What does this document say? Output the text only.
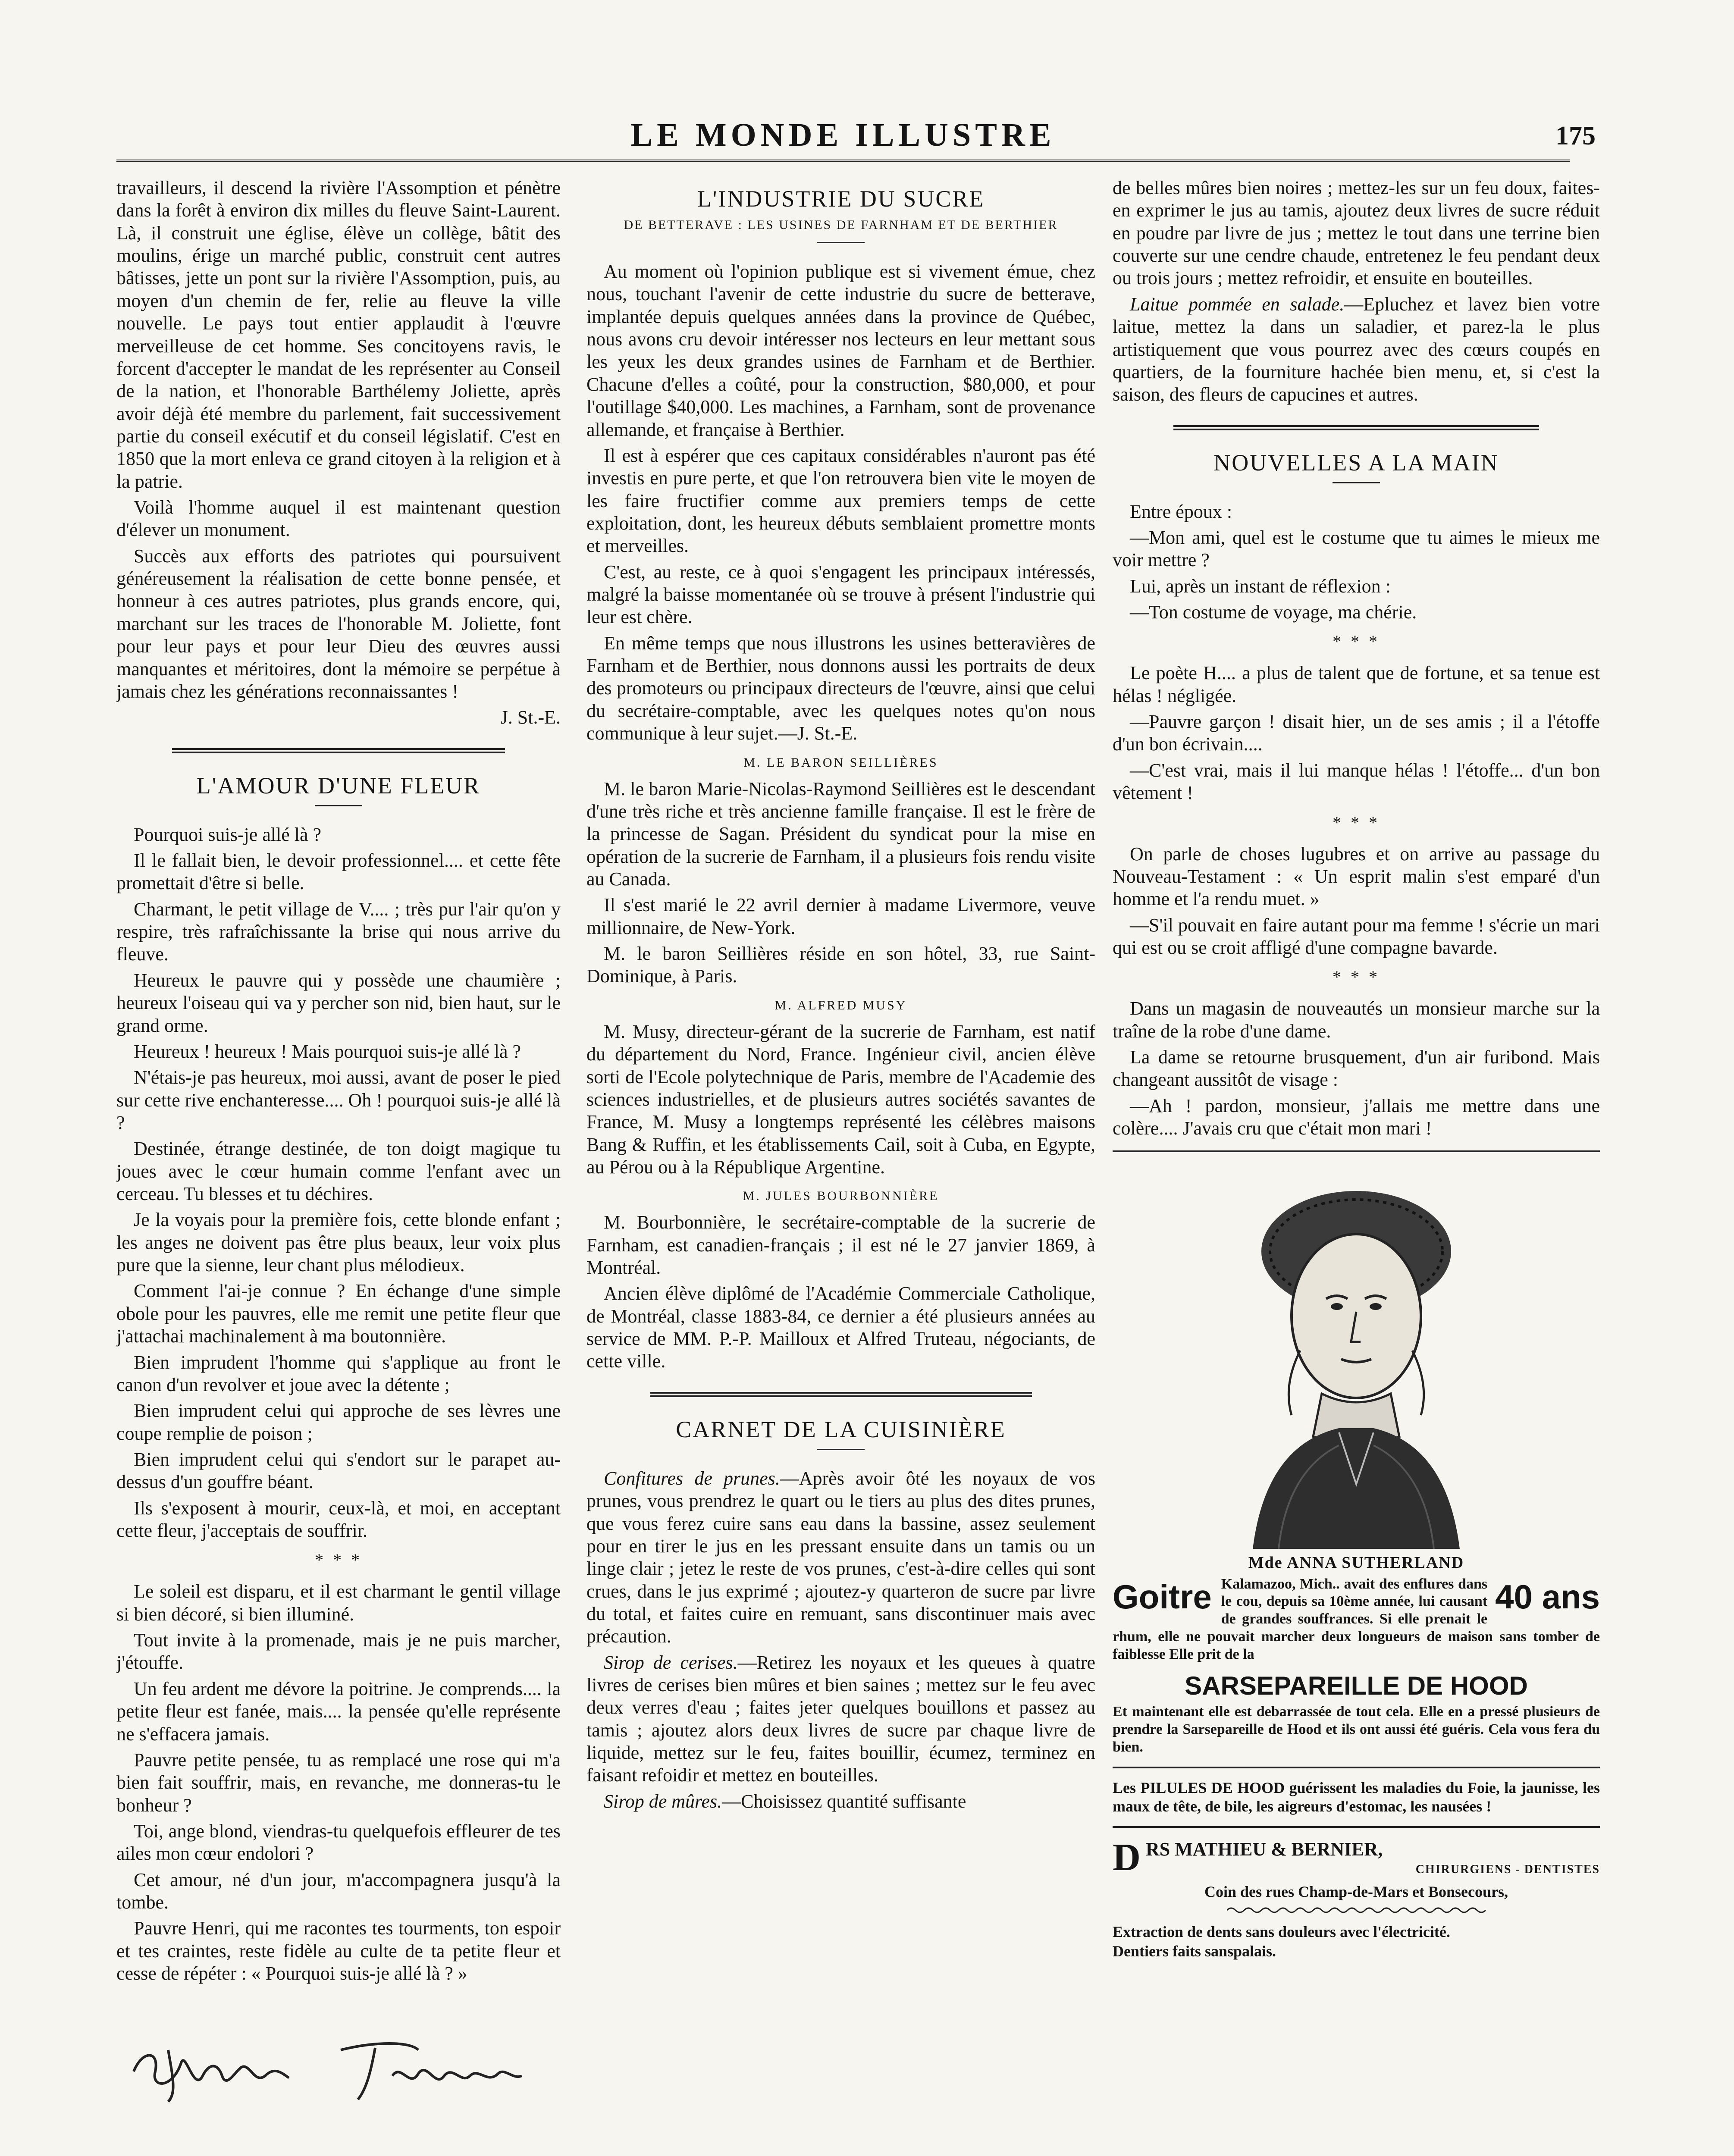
LE MONDE ILLUSTRE	175

travailleurs, il descend la rivière l'Assomption et pénètre dans la forêt à environ dix milles du fleuve Saint-Laurent. Là, il construit une église, élève un collège, bâtit des moulins, érige un marché public, construit cent autres bâtisses, jette un pont sur la rivière l'Assomption, puis, au moyen d'un chemin de fer, relie au fleuve la ville nouvelle. Le pays tout entier applaudit à l'œuvre merveilleuse de cet homme. Ses concitoyens ravis, le forcent d'accepter le mandat de les représenter au Conseil de la nation, et l'honorable Barthélemy Joliette, après avoir déjà été membre du parlement, fait successivement partie du conseil exécutif et du conseil législatif. C'est en 1850 que la mort enleva ce grand citoyen à la religion et à la patrie.

Voilà l'homme auquel il est maintenant question d'élever un monument.

Succès aux efforts des patriotes qui poursuivent généreusement la réalisation de cette bonne pensée, et honneur à ces autres patriotes, plus grands encore, qui, marchant sur les traces de l'honorable M. Joliette, font pour leur pays et pour leur Dieu des œuvres aussi manquantes et méritoires, dont la mémoire se perpétue à jamais chez les générations reconnaissantes !

J. St.-E.

L'AMOUR D'UNE FLEUR

Pourquoi suis-je allé là ?

Il le fallait bien, le devoir professionnel.... et cette fête promettait d'être si belle.

Charmant, le petit village de V.... ; très pur l'air qu'on y respire, très rafraîchissante la brise qui nous arrive du fleuve.

Heureux le pauvre qui y possède une chaumière ; heureux l'oiseau qui va y percher son nid, bien haut, sur le grand orme.

Heureux ! heureux ! Mais pourquoi suis-je allé là ?

N'étais-je pas heureux, moi aussi, avant de poser le pied sur cette rive enchanteresse.... Oh ! pourquoi suis-je allé là ?

Destinée, étrange destinée, de ton doigt magique tu joues avec le cœur humain comme l'enfant avec un cerceau. Tu blesses et tu déchires.

Je la voyais pour la première fois, cette blonde enfant ; les anges ne doivent pas être plus beaux, leur voix plus pure que la sienne, leur chant plus mélodieux.

Comment l'ai-je connue ? En échange d'une simple obole pour les pauvres, elle me remit une petite fleur que j'attachai machinalement à ma boutonnière.

Bien imprudent l'homme qui s'applique au front le canon d'un revolver et joue avec la détente ;

Bien imprudent celui qui approche de ses lèvres une coupe remplie de poison ;

Bien imprudent celui qui s'endort sur le parapet au-dessus d'un gouffre béant.

Ils s'exposent à mourir, ceux-là, et moi, en acceptant cette fleur, j'acceptais de souffrir.

* * *

Le soleil est disparu, et il est charmant le gentil village si bien décoré, si bien illuminé.

Tout invite à la promenade, mais je ne puis marcher, j'étouffe.

Un feu ardent me dévore la poitrine. Je comprends.... la petite fleur est fanée, mais.... la pensée qu'elle représente ne s'effacera jamais.

Pauvre petite pensée, tu as remplacé une rose qui m'a bien fait souffrir, mais, en revanche, me donneras-tu le bonheur ?

Toi, ange blond, viendras-tu quelquefois effleurer de tes ailes mon cœur endolori ?

Cet amour, né d'un jour, m'accompagnera jusqu'à la tombe.

Pauvre Henri, qui me racontes tes tourments, ton espoir et tes craintes, reste fidèle au culte de ta petite fleur et cesse de répéter : « Pourquoi suis-je allé là ? »

L'INDUSTRIE DU SUCRE
DE BETTERAVE : LES USINES DE FARNHAM ET DE BERTHIER

Au moment où l'opinion publique est si vivement émue, chez nous, touchant l'avenir de cette industrie du sucre de betterave, implantée depuis quelques années dans la province de Québec, nous avons cru devoir intéresser nos lecteurs en leur mettant sous les yeux les deux grandes usines de Farnham et de Berthier. Chacune d'elles a coûté, pour la construction, $80,000, et pour l'outillage $40,000. Les machines, a Farnham, sont de provenance allemande, et française à Berthier.

Il est à espérer que ces capitaux considérables n'auront pas été investis en pure perte, et que l'on retrouvera bien vite le moyen de les faire fructifier comme aux premiers temps de cette exploitation, dont, les heureux débuts semblaient promettre monts et merveilles.

C'est, au reste, ce à quoi s'engagent les principaux intéressés, malgré la baisse momentanée où se trouve à présent l'industrie qui leur est chère.

En même temps que nous illustrons les usines betteravières de Farnham et de Berthier, nous donnons aussi les portraits de deux des promoteurs ou principaux directeurs de l'œuvre, ainsi que celui du secrétaire-comptable, avec les quelques notes qu'on nous communique à leur sujet.—J. St.-E.

M. LE BARON SEILLIÈRES

M. le baron Marie-Nicolas-Raymond Seillières est le descendant d'une très riche et très ancienne famille française. Il est le frère de la princesse de Sagan. Président du syndicat pour la mise en opération de la sucrerie de Farnham, il a plusieurs fois rendu visite au Canada.

Il s'est marié le 22 avril dernier à madame Livermore, veuve millionnaire, de New-York.

M. le baron Seillières réside en son hôtel, 33, rue Saint-Dominique, à Paris.

M. ALFRED MUSY

M. Musy, directeur-gérant de la sucrerie de Farnham, est natif du département du Nord, France. Ingénieur civil, ancien élève sorti de l'Ecole polytechnique de Paris, membre de l'Academie des sciences industrielles, et de plusieurs autres sociétés savantes de France, M. Musy a longtemps représenté les célèbres maisons Bang & Ruffin, et les établissements Cail, soit à Cuba, en Egypte, au Pérou ou à la République Argentine.

M. JULES BOURBONNIÈRE

M. Bourbonnière, le secrétaire-comptable de la sucrerie de Farnham, est canadien-français ; il est né le 27 janvier 1869, à Montréal.

Ancien élève diplômé de l'Académie Commerciale Catholique, de Montréal, classe 1883-84, ce dernier a été plusieurs années au service de MM. P.-P. Mailloux et Alfred Truteau, négociants, de cette ville.

CARNET DE LA CUISINIÈRE

Confitures de prunes.—Après avoir ôté les noyaux de vos prunes, vous prendrez le quart ou le tiers au plus des dites prunes, que vous ferez cuire sans eau dans la bassine, assez seulement pour en tirer le jus en les pressant ensuite dans un tamis ou un linge clair ; jetez le reste de vos prunes, c'est-à-dire celles qui sont crues, dans le jus exprimé ; ajoutez-y quarteron de sucre par livre du total, et faites cuire en remuant, sans discontinuer mais avec précaution.

Sirop de cerises.—Retirez les noyaux et les queues à quatre livres de cerises bien mûres et bien saines ; mettez sur le feu avec deux verres d'eau ; faites jeter quelques bouillons et passez au tamis ; ajoutez alors deux livres de sucre par chaque livre de liquide, mettez sur le feu, faites bouillir, écumez, terminez en faisant refoidir et mettez en bouteilles.

Sirop de mûres.—Choisissez quantité suffisante

de belles mûres bien noires ; mettez-les sur un feu doux, faites-en exprimer le jus au tamis, ajoutez deux livres de sucre réduit en poudre par livre de jus ; mettez le tout dans une terrine bien couverte sur une cendre chaude, entretenez le feu pendant deux ou trois jours ; mettez refroidir, et ensuite en bouteilles.

Laitue pommée en salade.—Epluchez et lavez bien votre laitue, mettez la dans un saladier, et parez-la le plus artistiquement que vous pourrez avec des cœurs coupés en quartiers, de la fourniture hachée bien menu, et, si c'est la saison, des fleurs de capucines et autres.

NOUVELLES A LA MAIN

Entre époux :

—Mon ami, quel est le costume que tu aimes le mieux me voir mettre ?

Lui, après un instant de réflexion :

—Ton costume de voyage, ma chérie.

* * *

Le poète H.... a plus de talent que de fortune, et sa tenue est hélas ! négligée.

—Pauvre garçon ! disait hier, un de ses amis ; il a l'étoffe d'un bon écrivain....

—C'est vrai, mais il lui manque hélas ! l'étoffe... d'un bon vêtement !

* * *

On parle de choses lugubres et on arrive au passage du Nouveau-Testament : « Un esprit malin s'est emparé d'un homme et l'a rendu muet. »

—S'il pouvait en faire autant pour ma femme ! s'écrie un mari qui est ou se croit affligé d'une compagne bavarde.

* * *

Dans un magasin de nouveautés un monsieur marche sur la traîne de la robe d'une dame.

La dame se retourne brusquement, d'un air furibond. Mais changeant aussitôt de visage :

—Ah ! pardon, monsieur, j'allais me mettre dans une colère.... J'avais cru que c'était mon mari !

Mde ANNA SUTHERLAND
Goitre	40 ans
Kalamazoo, Mich.. avait des enflures dans le cou, depuis sa 10ème année, lui causant de grandes souffrances. Si elle prenait le rhum, elle ne pouvait marcher deux longueurs de maison sans tomber de faiblesse Elle prit de la
SARSEPAREILLE DE HOOD
Et maintenant elle est debarrassée de tout cela. Elle en a pressé plusieurs de prendre la Sarsepareille de Hood et ils ont aussi été guéris. Cela vous fera du bien.
Les PILULES DE HOOD guérissent les maladies du Foie, la jaunisse, les maux de tête, de bile, les aigreurs d'estomac, les nausées !
DRS MATHIEU & BERNIER,
CHIRURGIENS - DENTISTES
Coin des rues Champ-de-Mars et Bonsecours,
Extraction de dents sans douleurs avec l'électricité.
Dentiers faits sanspalais.
